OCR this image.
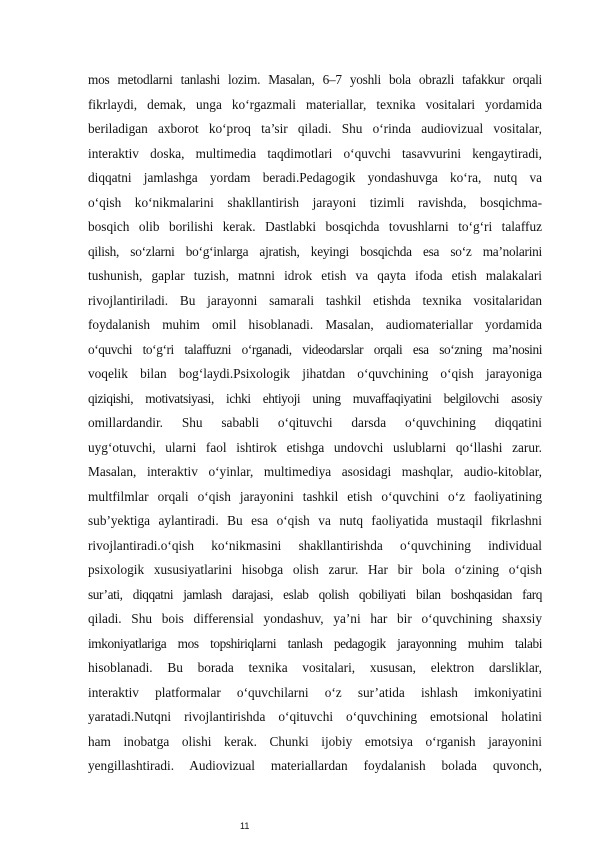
mos metodlarni tanlashi lozim. Masalan, 6–7 yoshli bola obrazli tafakkur orqali
fikrlaydi, demak, unga ko‘rgazmali materiallar, texnika vositalari yordamida
beriladigan axborot ko‘proq ta’sir qiladi. Shu o‘rinda audiovizual vositalar,
interaktiv doska, multimedia taqdimotlari o‘quvchi tasavvurini kengaytiradi,
diqqatni jamlashga yordam beradi.Pedagogik yondashuvga ko‘ra, nutq va
o‘qish ko‘nikmalarini shakllantirish jarayoni tizimli ravishda, bosqichma-
bosqich olib borilishi kerak. Dastlabki bosqichda tovushlarni to‘g‘ri talaffuz
qilish, so‘zlarni bo‘g‘inlarga ajratish, keyingi bosqichda esa so‘z ma’nolarini
tushunish, gaplar tuzish, matnni idrok etish va qayta ifoda etish malakalari
rivojlantiriladi. Bu jarayonni samarali tashkil etishda texnika vositalaridan
foydalanish muhim omil hisoblanadi. Masalan, audiomateriallar yordamida
o‘quvchi to‘g‘ri talaffuzni o‘rganadi, videodarslar orqali esa so‘zning ma’nosini
voqelik bilan bog‘laydi.Psixologik jihatdan o‘quvchining o‘qish jarayoniga
qiziqishi, motivatsiyasi, ichki ehtiyoji uning muvaffaqiyatini belgilovchi asosiy
omillardandir. Shu sababli o‘qituvchi darsda o‘quvchining diqqatini
uyg‘otuvchi, ularni faol ishtirok etishga undovchi uslublarni qo‘llashi zarur.
Masalan, interaktiv o‘yinlar, multimediya asosidagi mashqlar, audio-kitoblar,
multfilmlar orqali o‘qish jarayonini tashkil etish o‘quvchini o‘z faoliyatining
sub’yektiga aylantiradi. Bu esa o‘qish va nutq faoliyatida mustaqil fikrlashni
rivojlantiradi.o‘qish ko‘nikmasini shakllantirishda o‘quvchining individual
psixologik xususiyatlarini hisobga olish zarur. Har bir bola o‘zining o‘qish
sur’ati, diqqatni jamlash darajasi, eslab qolish qobiliyati bilan boshqasidan farq
qiladi. Shu bois differensial yondashuv, ya’ni har bir o‘quvchining shaxsiy
imkoniyatlariga mos topshiriqlarni tanlash pedagogik jarayonning muhim talabi
hisoblanadi. Bu borada texnika vositalari, xususan, elektron darsliklar,
interaktiv platformalar o‘quvchilarni o‘z sur’atida ishlash imkoniyatini
yaratadi.Nutqni rivojlantirishda o‘qituvchi o‘quvchining emotsional holatini
ham inobatga olishi kerak. Chunki ijobiy emotsiya o‘rganish jarayonini
yengillashtiradi. Audiovizual materiallardan foydalanish bolada quvonch,
11
